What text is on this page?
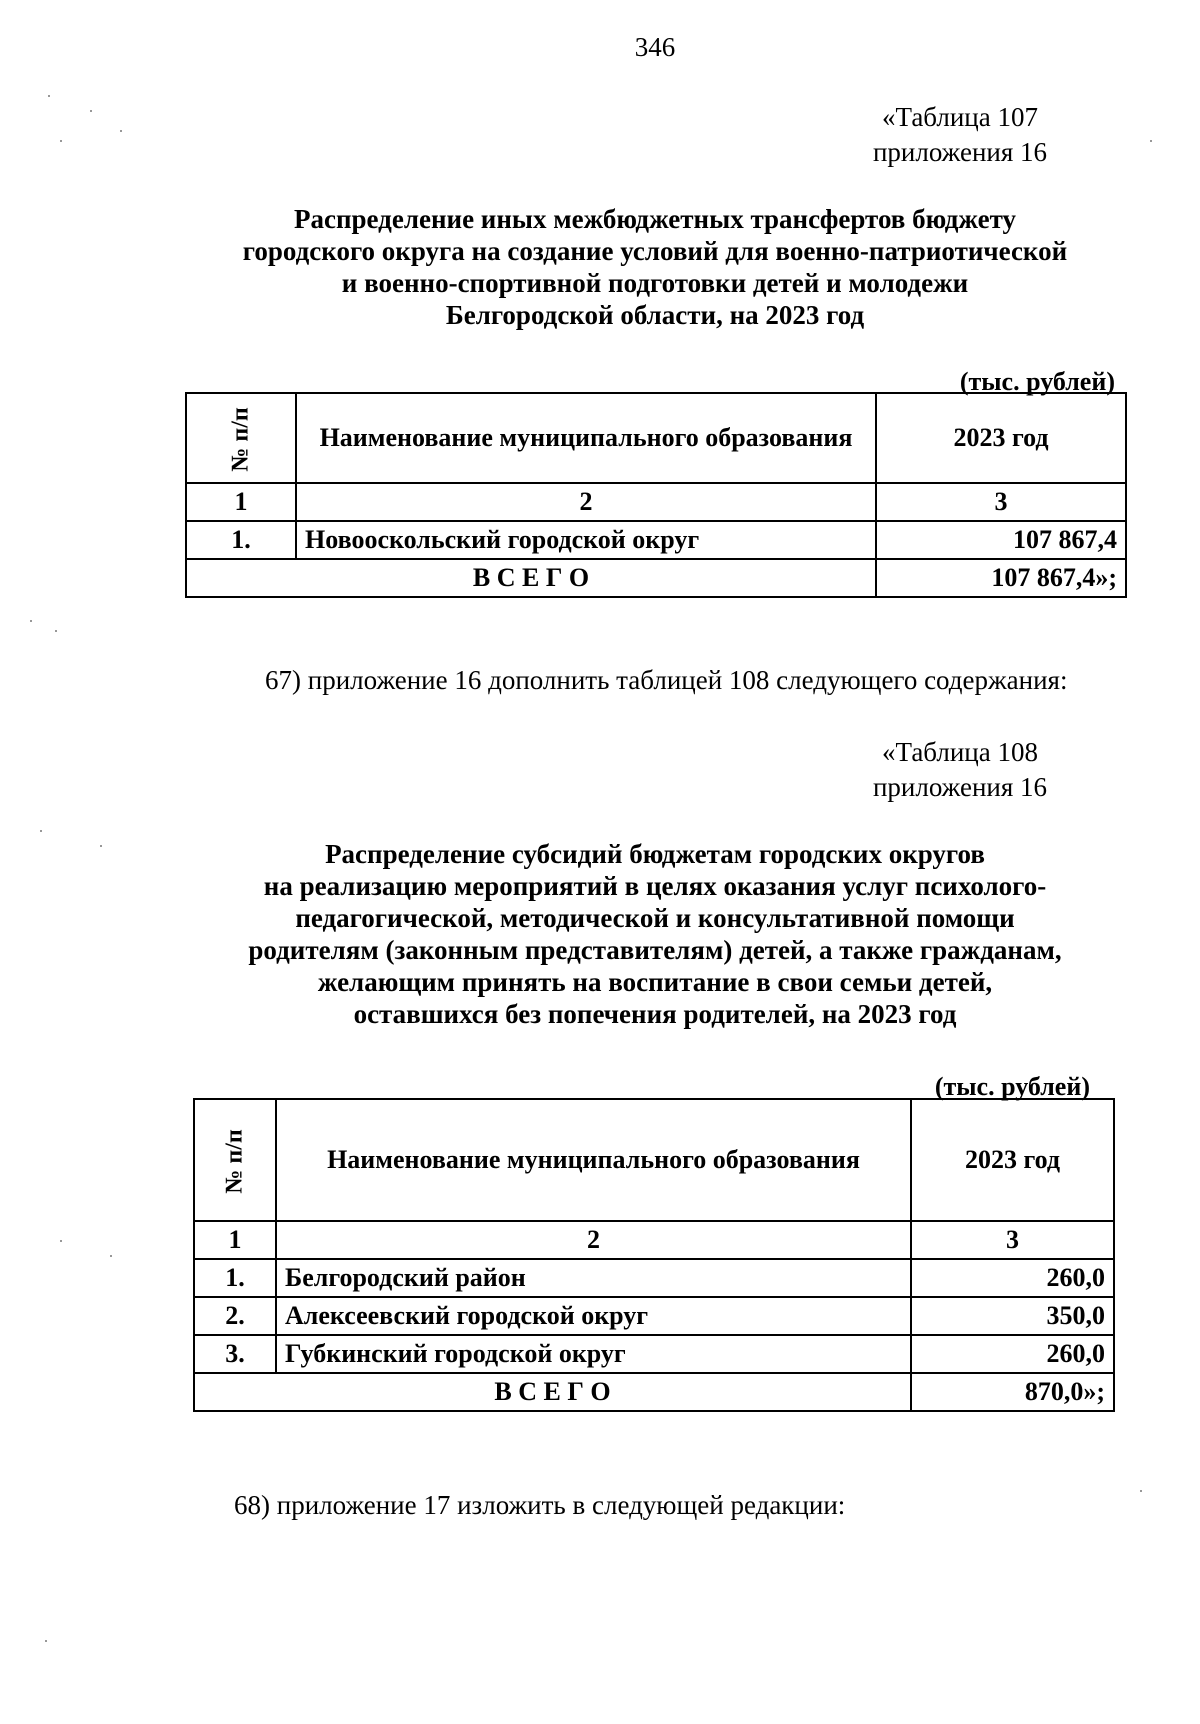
346
«Таблица 107
приложения 16
Распределение иных межбюджетных трансфертов бюджету
городского округа на создание условий для военно-патриотической
и военно-спортивной подготовки детей и молодежи
Белгородской области, на 2023 год
(тыс. рублей)
№ п/п	Наименование муниципального образования	2023 год
1	2	3
1.	Новооскольский городской округ	107 867,4
В С Е Г О		107 867,4»;
67) приложение 16 дополнить таблицей 108 следующего содержания:
«Таблица 108
приложения 16
Распределение субсидий бюджетам городских округов
на реализацию мероприятий в целях оказания услуг психолого-
педагогической, методической и консультативной помощи
родителям (законным представителям) детей, а также гражданам,
желающим принять на воспитание в свои семьи детей,
оставшихся без попечения родителей, на 2023 год
(тыс. рублей)
№ п/п	Наименование муниципального образования	2023 год
1	2	3
1.	Белгородский район	260,0
2.	Алексеевский городской округ	350,0
3.	Губкинский городской округ	260,0
В С Е Г О		870,0»;
68) приложение 17 изложить в следующей редакции:
